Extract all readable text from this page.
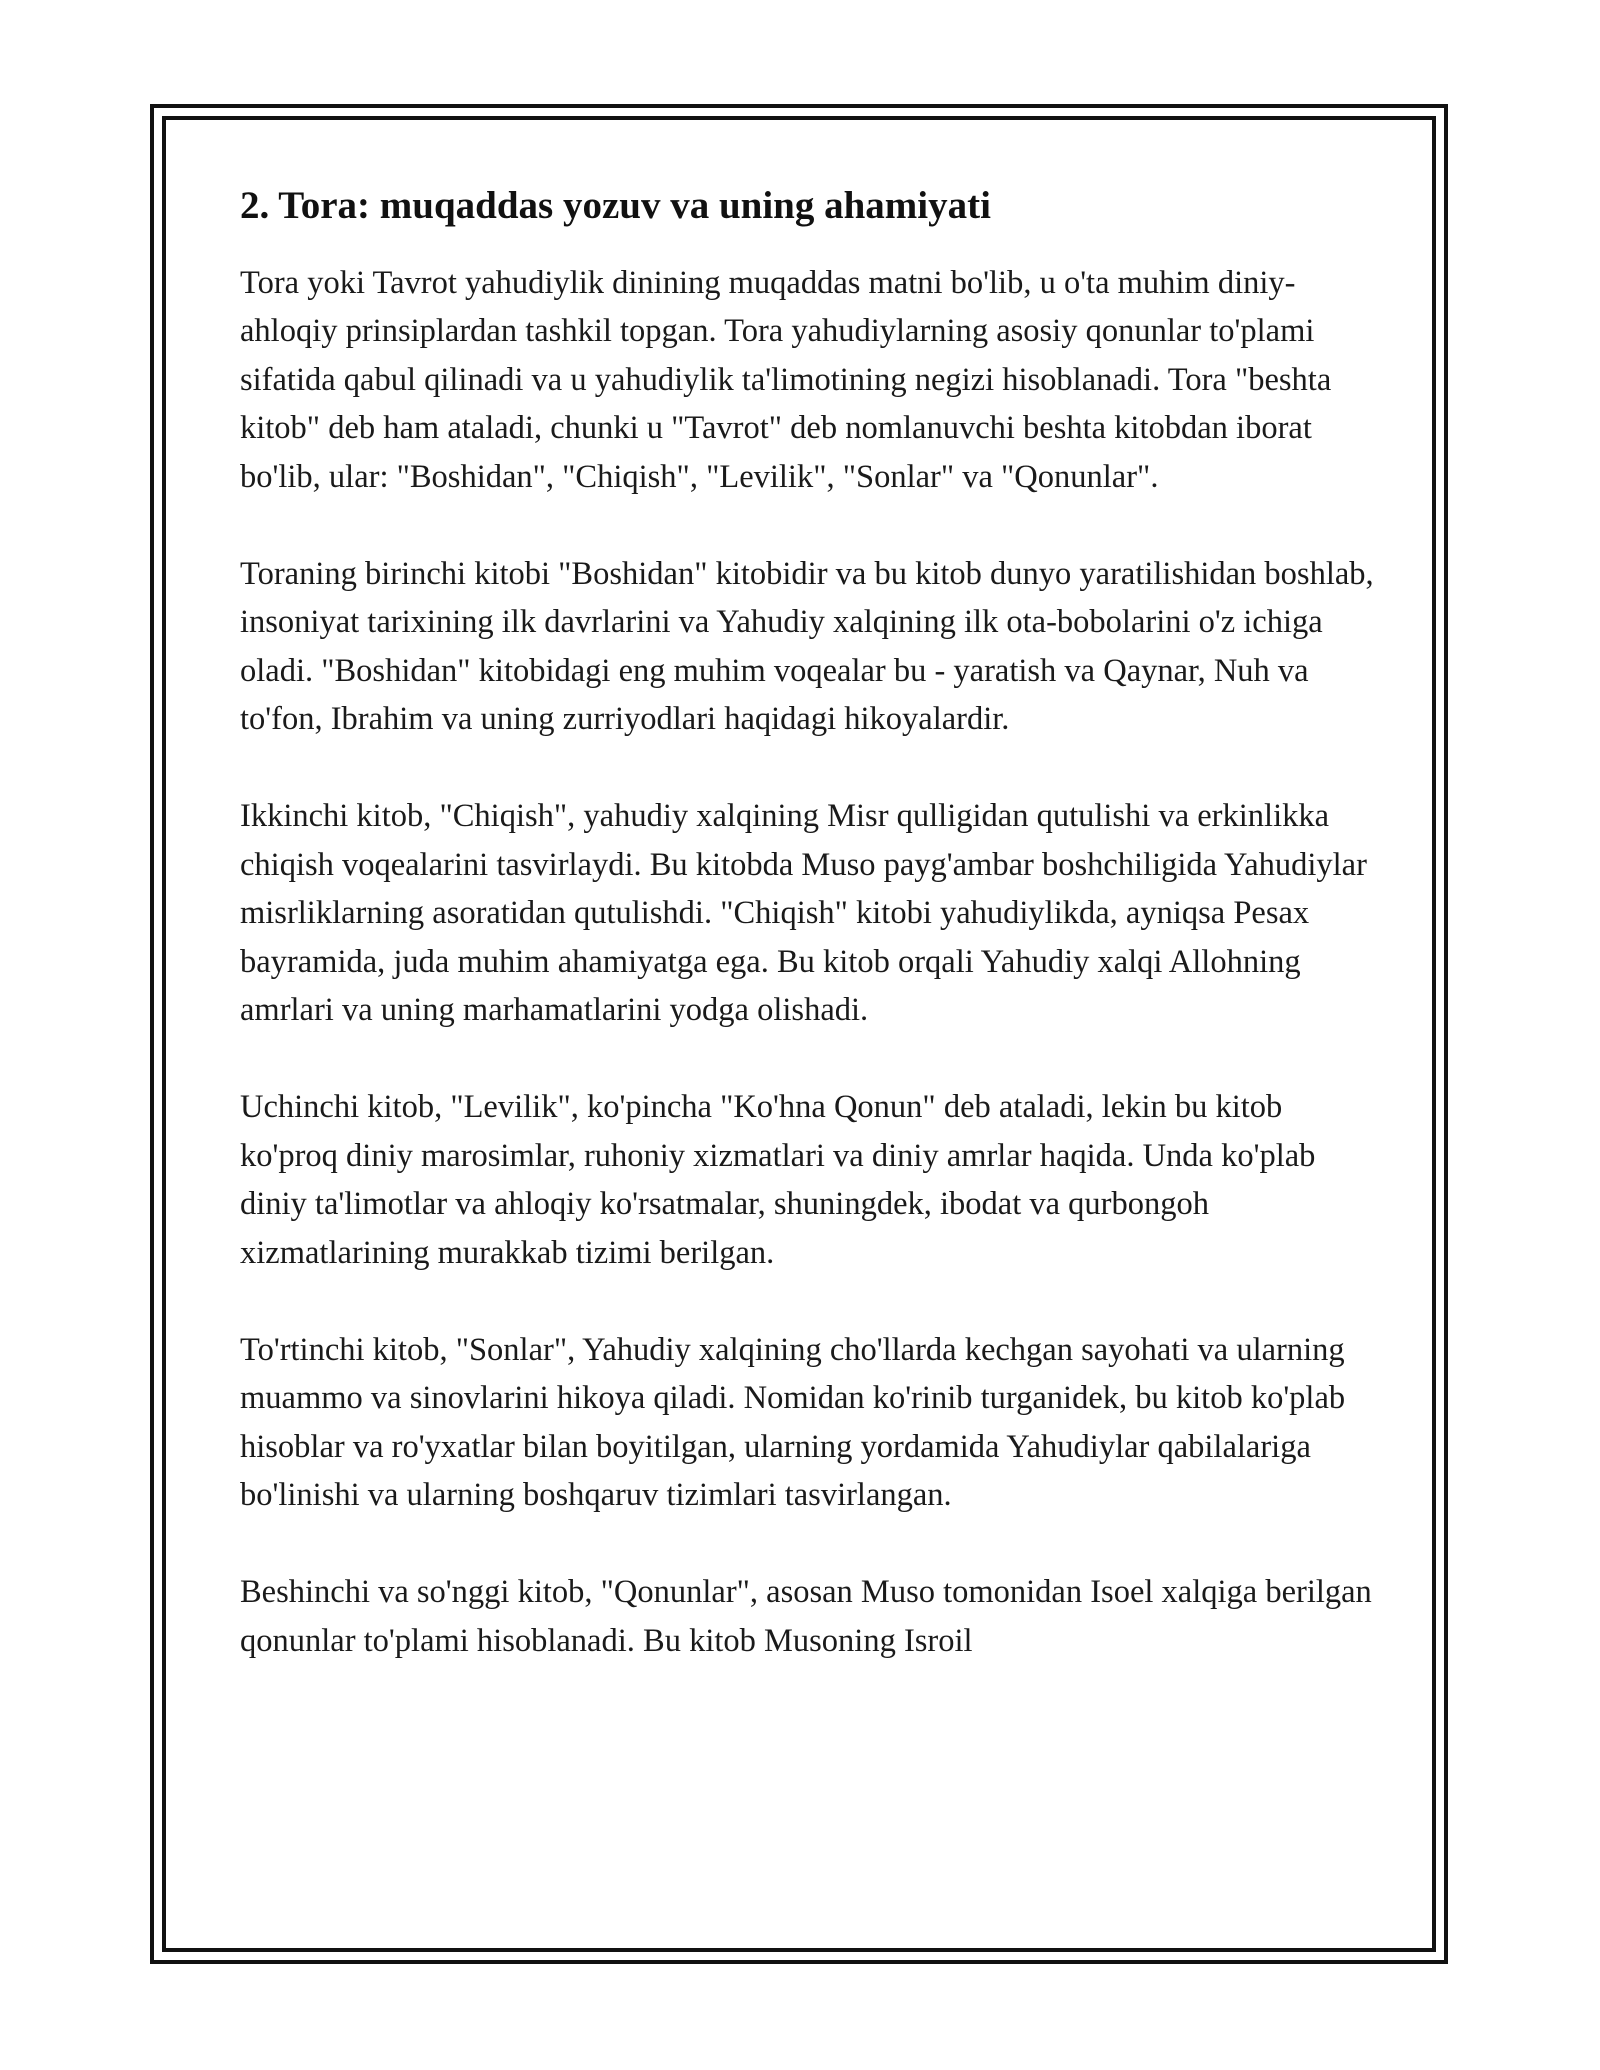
2. Tora: muqaddas yozuv va uning ahamiyati

Tora yoki Tavrot yahudiylik dinining muqaddas matni bo'lib, u o'ta muhim diniy-ahloqiy prinsiplardan tashkil topgan. Tora yahudiylarning asosiy qonunlar to'plami sifatida qabul qilinadi va u yahudiylik ta'limotining negizi hisoblanadi. Tora "beshta kitob" deb ham ataladi, chunki u "Tavrot" deb nomlanuvchi beshta kitobdan iborat bo'lib, ular: "Boshidan", "Chiqish", "Levilik", "Sonlar" va "Qonunlar".

Toraning birinchi kitobi "Boshidan" kitobidir va bu kitob dunyo yaratilishidan boshlab, insoniyat tarixining ilk davrlarini va Yahudiy xalqining ilk ota-bobolarini o'z ichiga oladi. "Boshidan" kitobidagi eng muhim voqealar bu - yaratish va Qaynar, Nuh va to'fon, Ibrahim va uning zurriyodlari haqidagi hikoyalardir.

Ikkinchi kitob, "Chiqish", yahudiy xalqining Misr qulligidan qutulishi va erkinlikka chiqish voqealarini tasvirlaydi. Bu kitobda Muso payg'ambar boshchiligida Yahudiylar misrliklarning asoratidan qutulishdi. "Chiqish" kitobi yahudiylikda, ayniqsa Pesax bayramida, juda muhim ahamiyatga ega. Bu kitob orqali Yahudiy xalqi Allohning amrlari va uning marhamatlarini yodga olishadi.

Uchinchi kitob, "Levilik", ko'pincha "Ko'hna Qonun" deb ataladi, lekin bu kitob ko'proq diniy marosimlar, ruhoniy xizmatlari va diniy amrlar haqida. Unda ko'plab diniy ta'limotlar va ahloqiy ko'rsatmalar, shuningdek, ibodat va qurbongoh xizmatlarining murakkab tizimi berilgan.

To'rtinchi kitob, "Sonlar", Yahudiy xalqining cho'llarda kechgan sayohati va ularning muammo va sinovlarini hikoya qiladi. Nomidan ko'rinib turganidek, bu kitob ko'plab hisoblar va ro'yxatlar bilan boyitilgan, ularning yordamida Yahudiylar qabilalariga bo'linishi va ularning boshqaruv tizimlari tasvirlangan.

Beshinchi va so'nggi kitob, "Qonunlar", asosan Muso tomonidan Isoel xalqiga berilgan qonunlar to'plami hisoblanadi. Bu kitob Musoning Isroil
